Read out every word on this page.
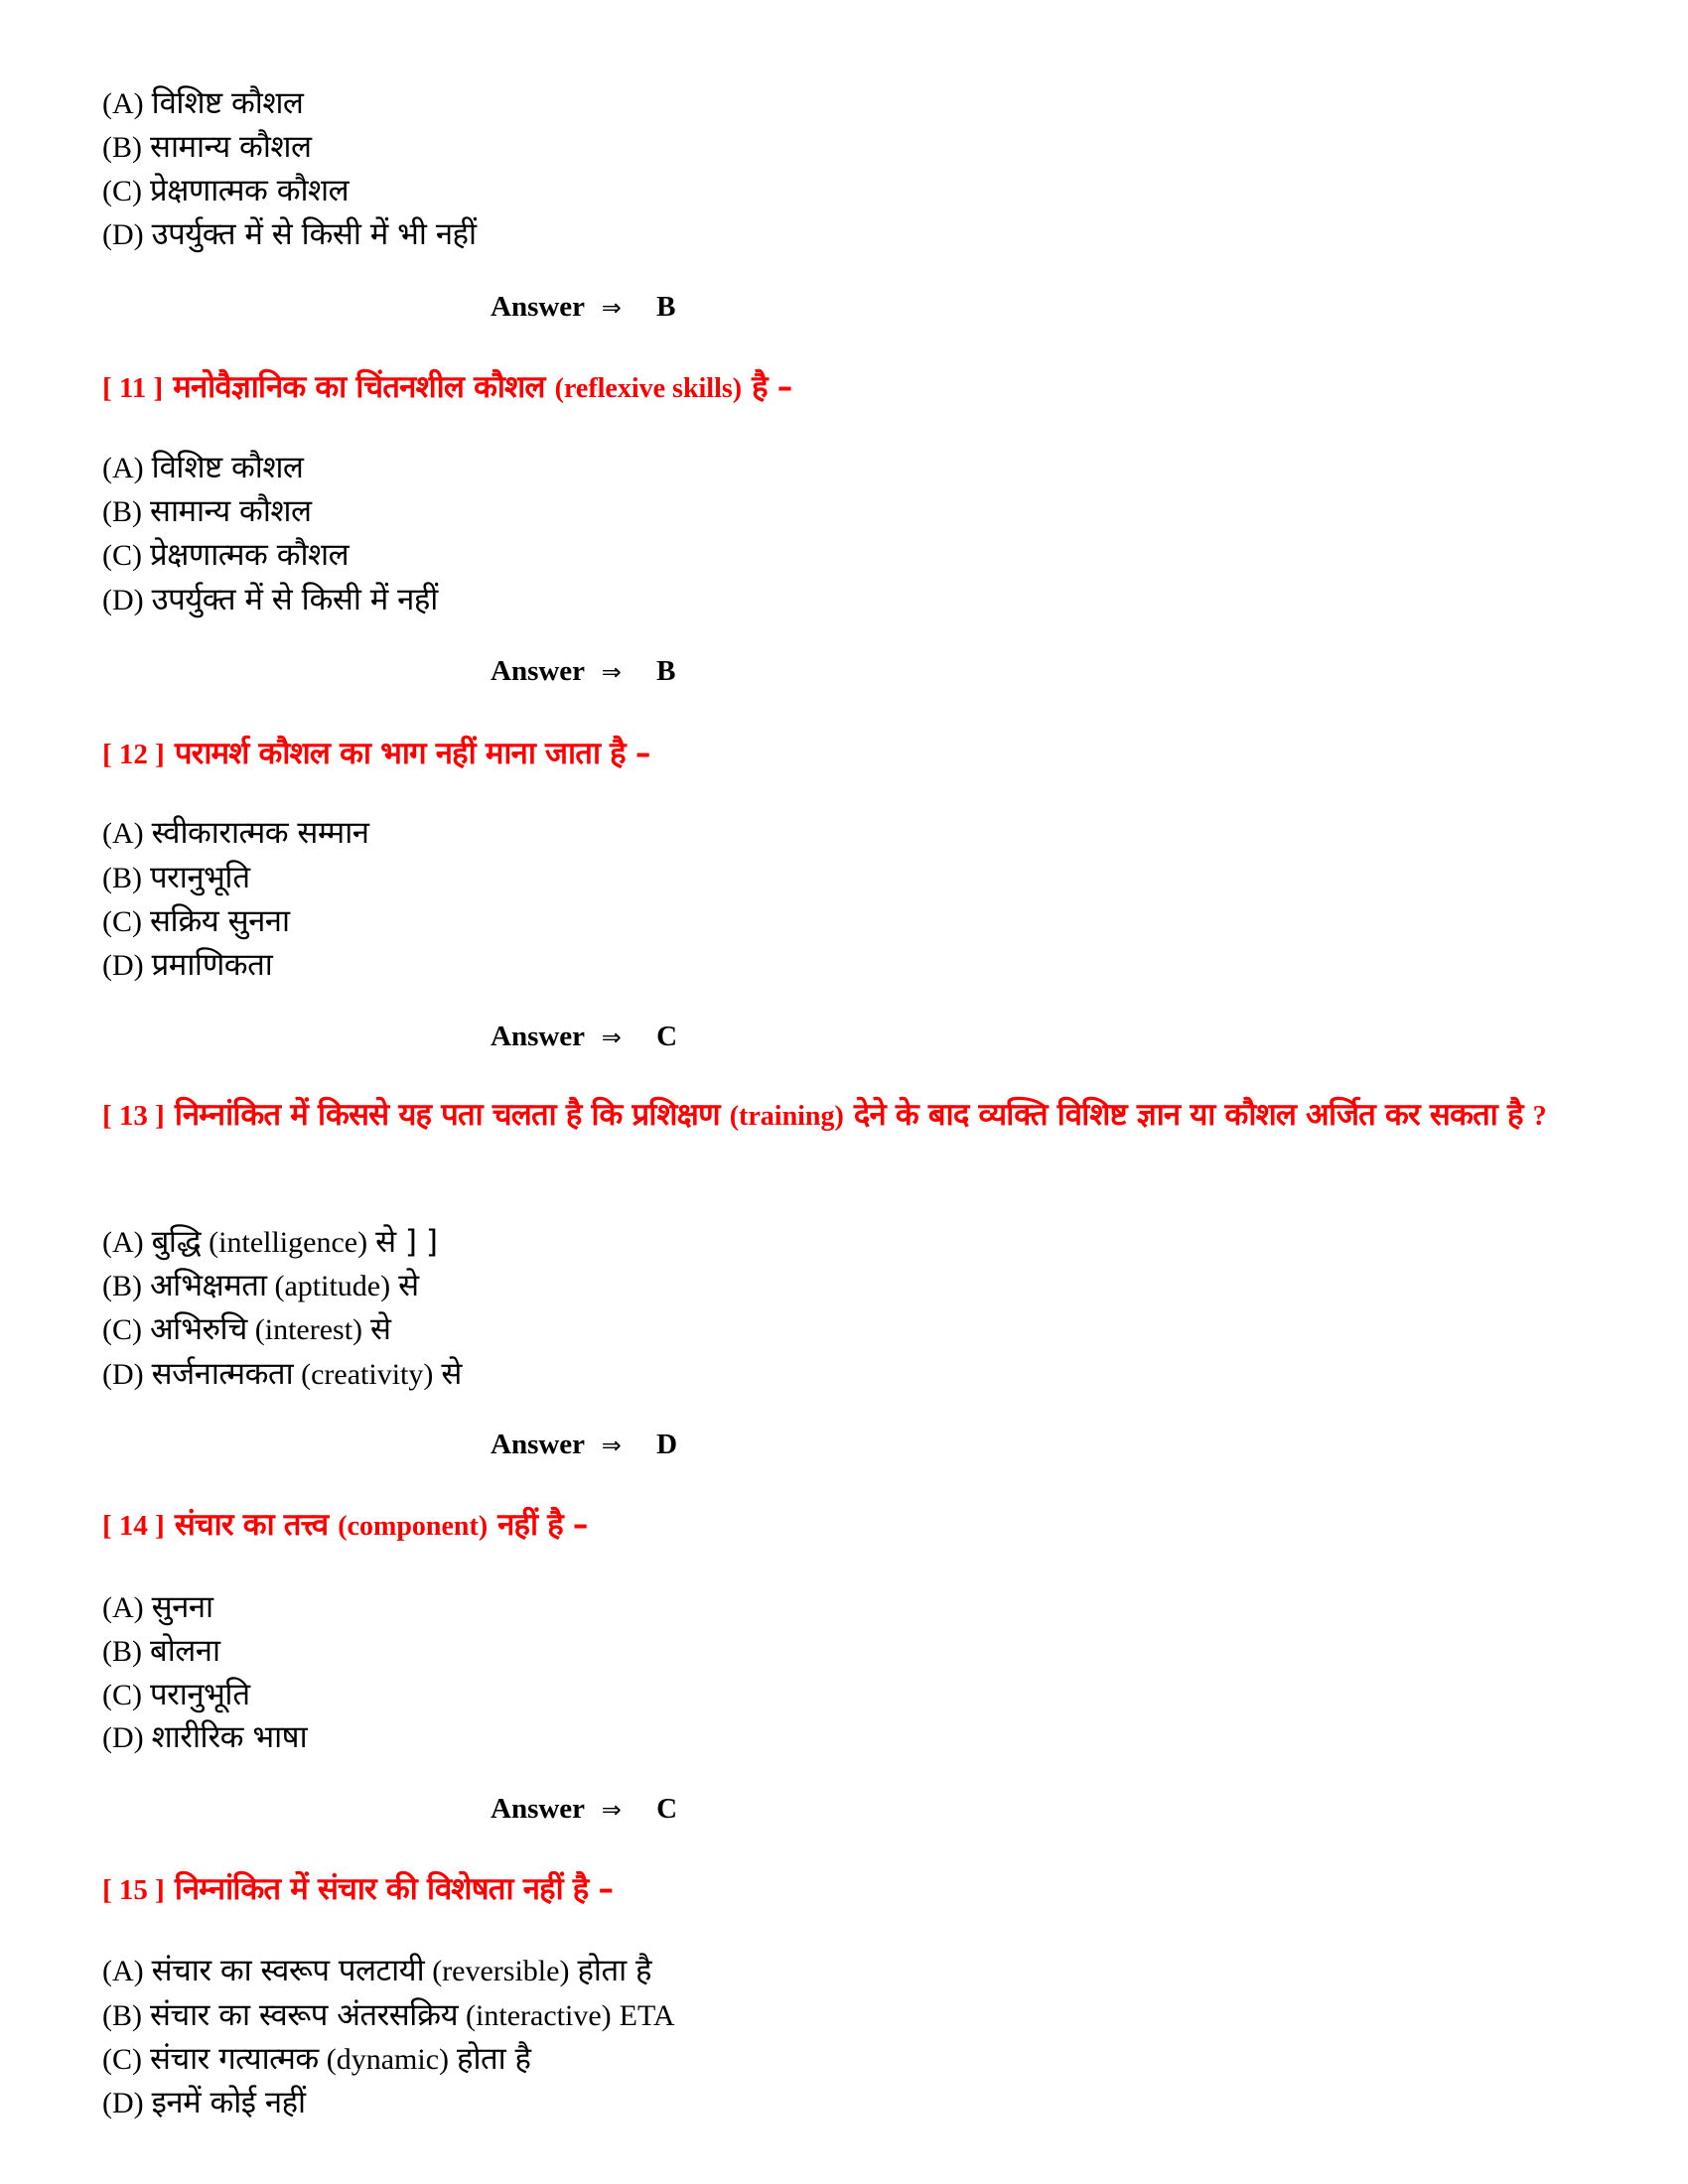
(A) विशिष्ट कौशल
(B) सामान्य कौशल
(C) प्रेक्षणात्मक कौशल
(D) उपर्युक्त में से किसी में भी नहीं
Answer ⇒ B
[ 11 ] मनोवैज्ञानिक का चिंतनशील कौशल (reflexive skills) है –
(A) विशिष्ट कौशल
(B) सामान्य कौशल
(C) प्रेक्षणात्मक कौशल
(D) उपर्युक्त में से किसी में नहीं
Answer ⇒ B
[ 12 ] परामर्श कौशल का भाग नहीं माना जाता है –
(A) स्वीकारात्मक सम्मान
(B) परानुभूति
(C) सक्रिय सुनना
(D) प्रमाणिकता
Answer ⇒ C
[ 13 ] निम्नांकित में किससे यह पता चलता है कि प्रशिक्षण (training) देने के बाद व्यक्ति विशिष्ट ज्ञान या कौशल अर्जित कर सकता है ?
(A) बुद्धि (intelligence) से ] ]
(B) अभिक्षमता (aptitude) से
(C) अभिरुचि (interest) से
(D) सर्जनात्मकता (creativity) से
Answer ⇒ D
[ 14 ] संचार का तत्त्व (component) नहीं है –
(A) सुनना
(B) बोलना
(C) परानुभूति
(D) शारीरिक भाषा
Answer ⇒ C
[ 15 ] निम्नांकित में संचार की विशेषता नहीं है –
(A) संचार का स्वरूप पलटायी (reversible) होता है
(B) संचार का स्वरूप अंतरसक्रिय (interactive) ETA
(C) संचार गत्यात्मक (dynamic) होता है
(D) इनमें कोई नहीं
